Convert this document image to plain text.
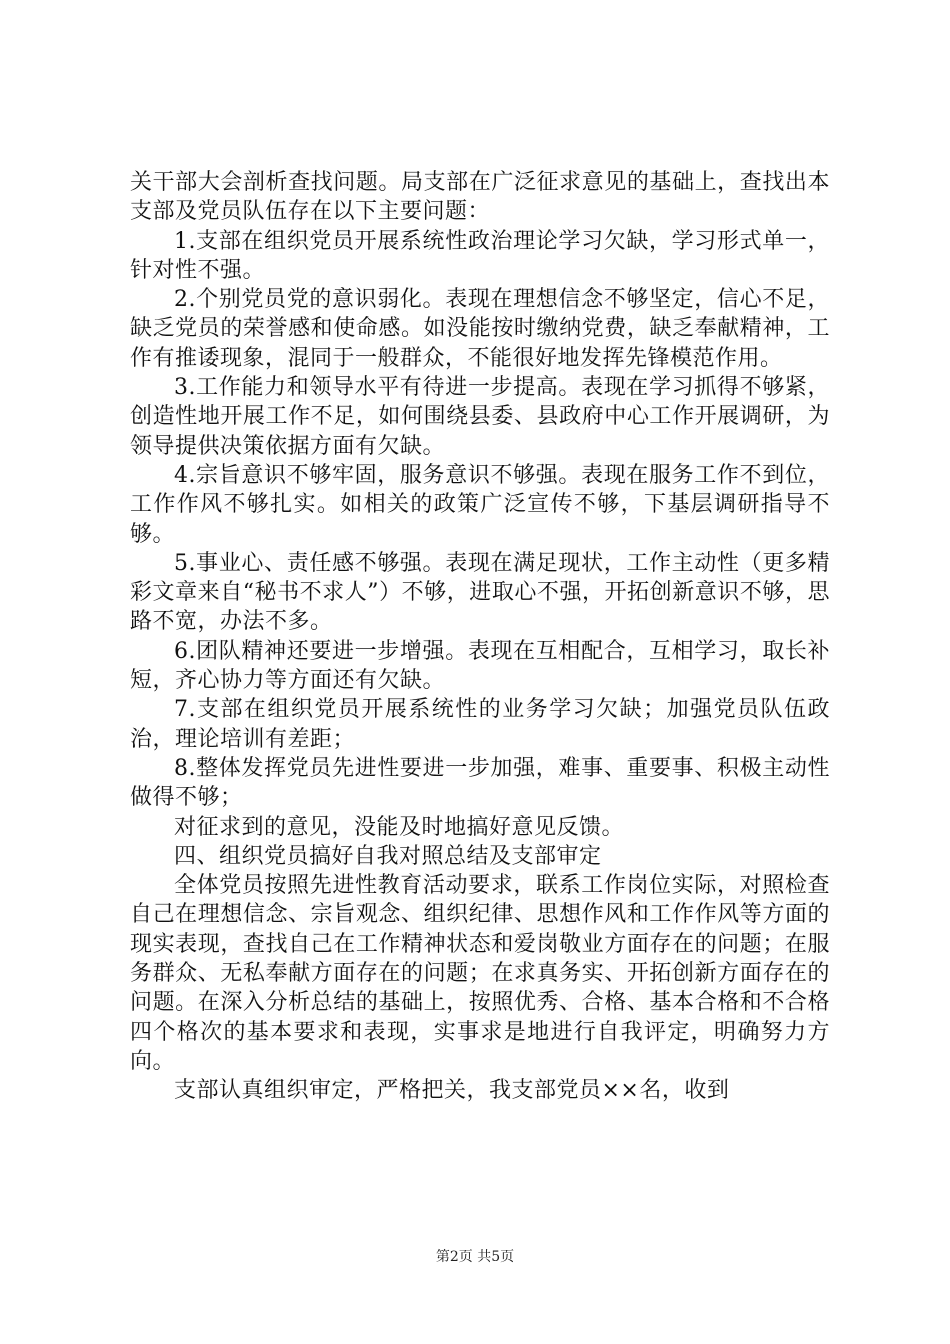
关干部大会剖析查找问题。局支部在广泛征求意见的基础上，查找出本支部及党员队伍存在以下主要问题：

1.支部在组织党员开展系统性政治理论学习欠缺，学习形式单一，针对性不强。

2.个别党员党的意识弱化。表现在理想信念不够坚定，信心不足，缺乏党员的荣誉感和使命感。如没能按时缴纳党费，缺乏奉献精神，工作有推诿现象，混同于一般群众，不能很好地发挥先锋模范作用。

3.工作能力和领导水平有待进一步提高。表现在学习抓得不够紧，创造性地开展工作不足，如何围绕县委、县政府中心工作开展调研，为领导提供决策依据方面有欠缺。

4.宗旨意识不够牢固，服务意识不够强。表现在服务工作不到位，工作作风不够扎实。如相关的政策广泛宣传不够，下基层调研指导不够。

5.事业心、责任感不够强。表现在满足现状，工作主动性（更多精彩文章来自“秘书不求人”）不够，进取心不强，开拓创新意识不够，思路不宽，办法不多。

6.团队精神还要进一步增强。表现在互相配合，互相学习，取长补短，齐心协力等方面还有欠缺。

7.支部在组织党员开展系统性的业务学习欠缺；加强党员队伍政治，理论培训有差距；

8.整体发挥党员先进性要进一步加强，难事、重要事、积极主动性做得不够；

对征求到的意见，没能及时地搞好意见反馈。

四、组织党员搞好自我对照总结及支部审定

全体党员按照先进性教育活动要求，联系工作岗位实际，对照检查自己在理想信念、宗旨观念、组织纪律、思想作风和工作作风等方面的现实表现，查找自己在工作精神状态和爱岗敬业方面存在的问题；在服务群众、无私奉献方面存在的问题；在求真务实、开拓创新方面存在的问题。在深入分析总结的基础上，按照优秀、合格、基本合格和不合格四个格次的基本要求和表现，实事求是地进行自我评定，明确努力方向。

支部认真组织审定，严格把关，我支部党员××名，收到

第2页 共5页
